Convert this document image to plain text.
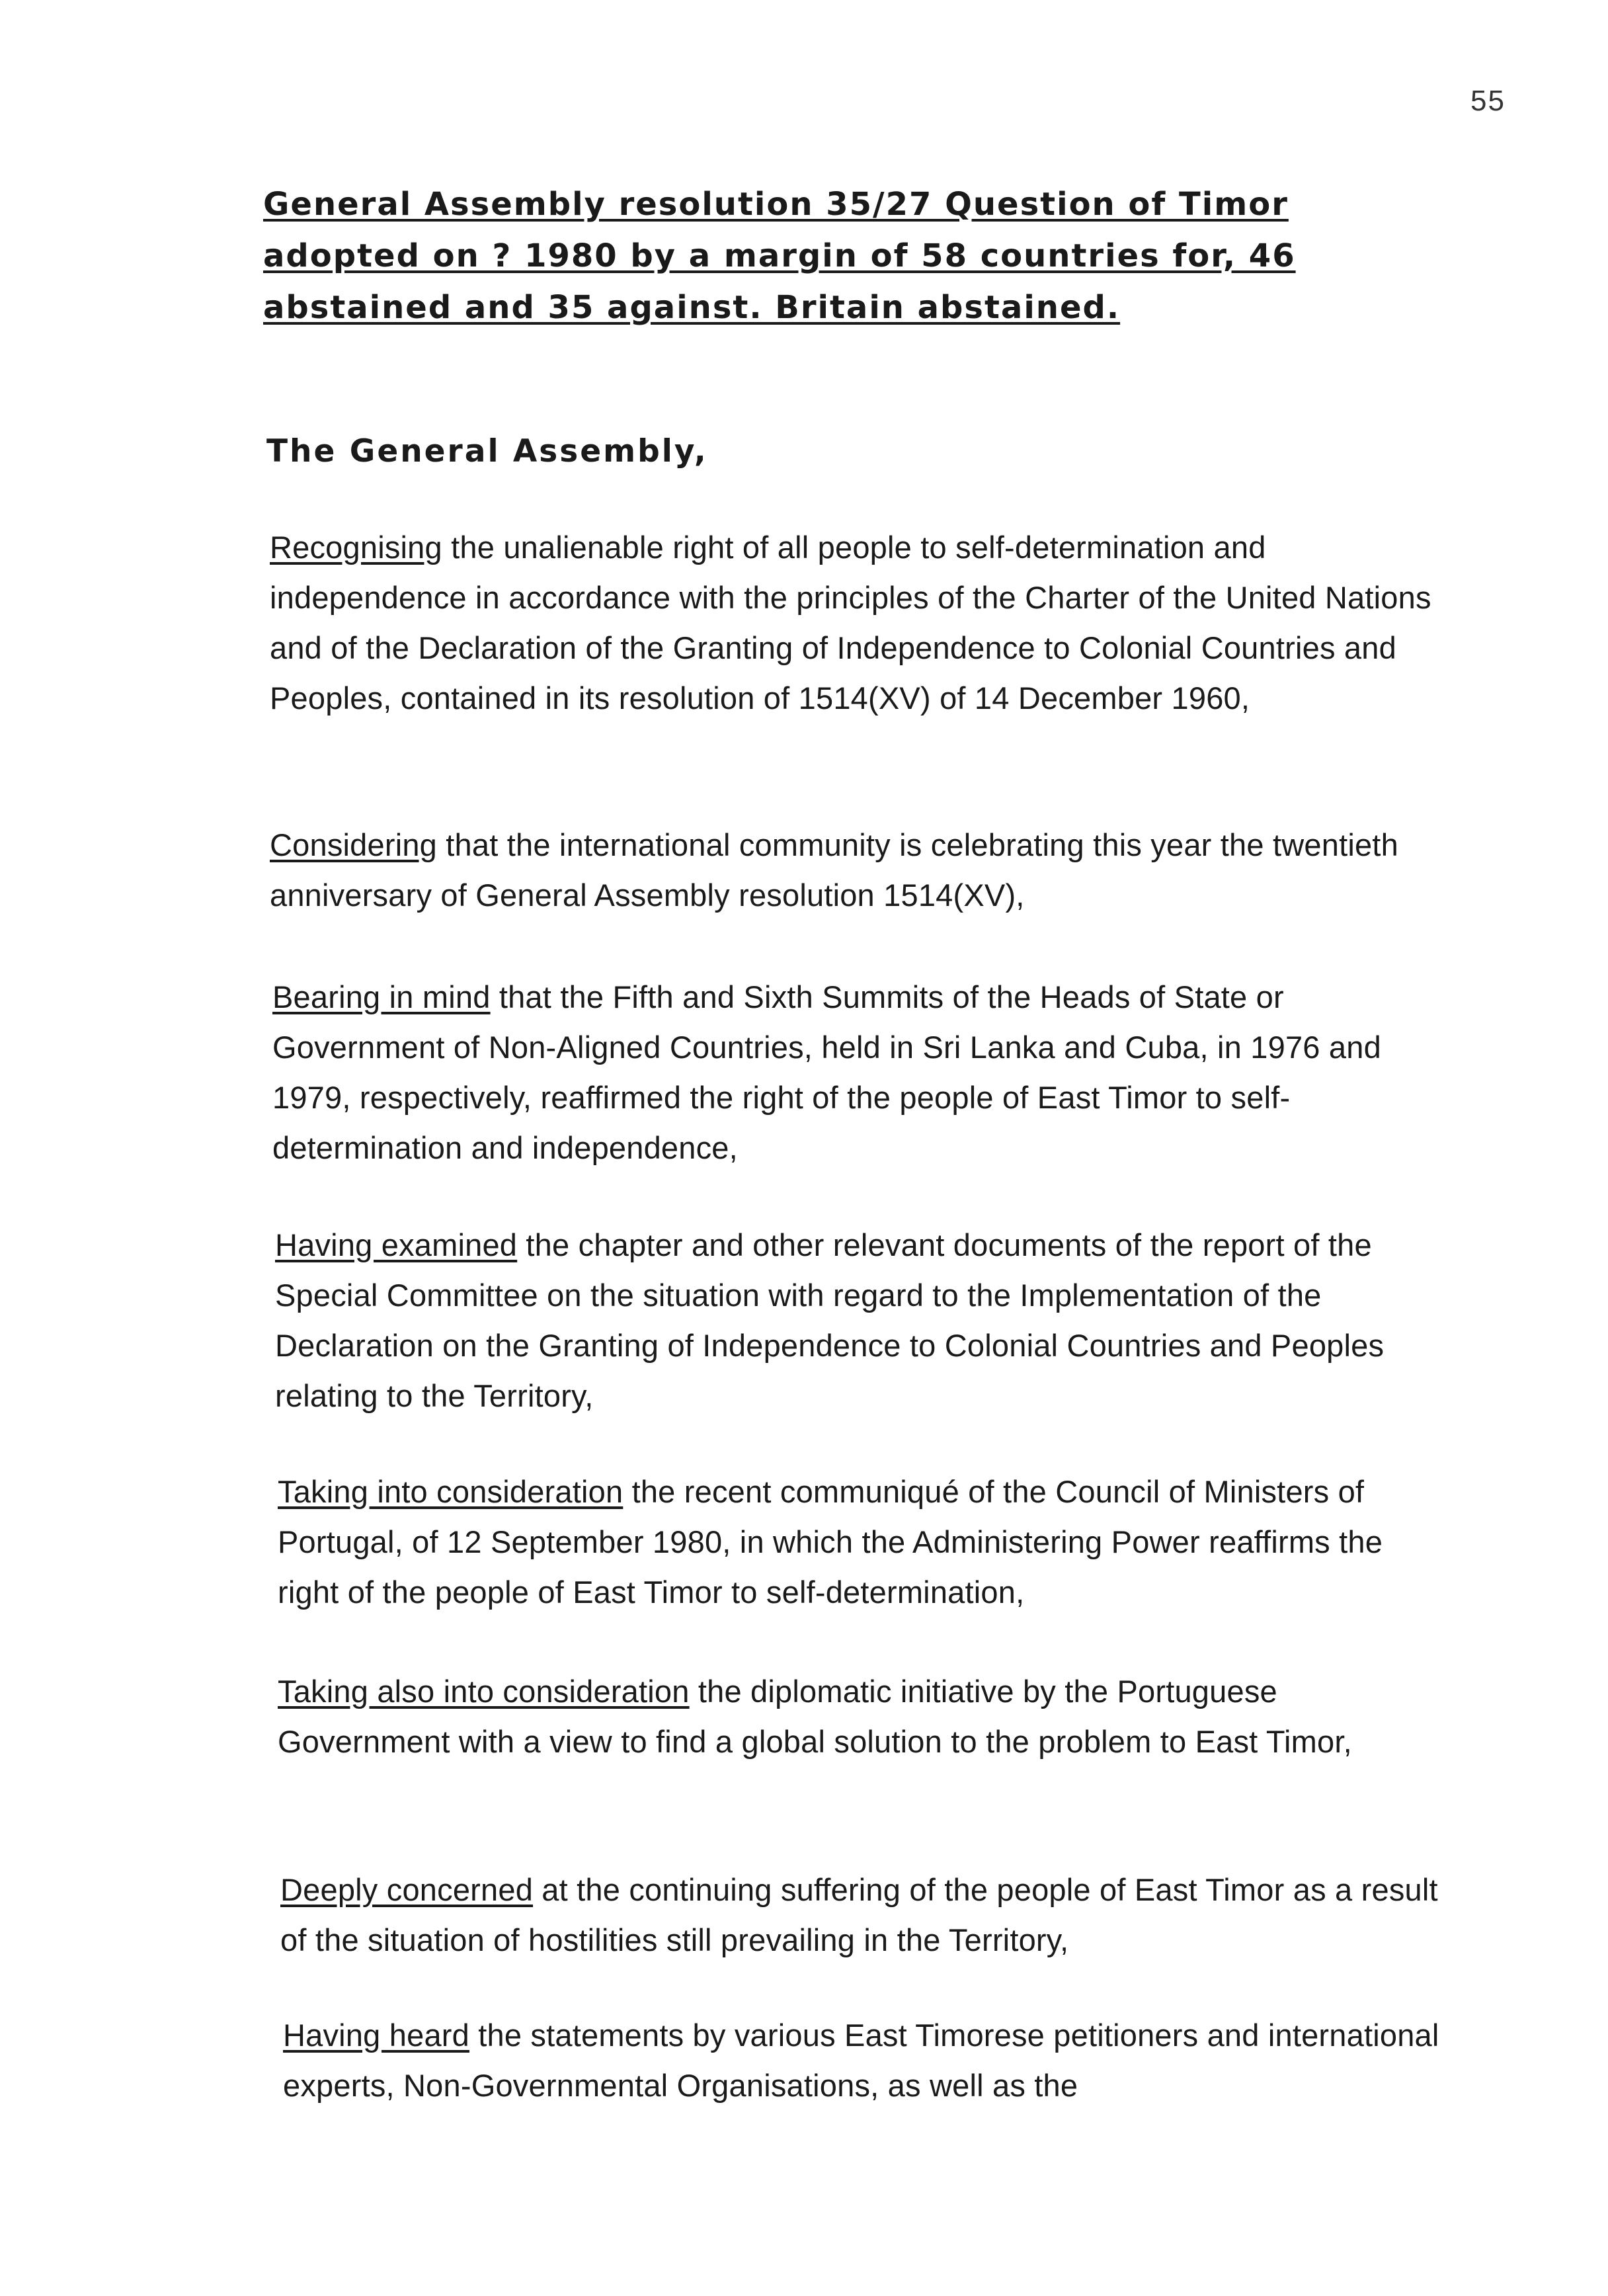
55
General Assembly resolution 35/27 Question of Timor adopted on ? 1980 by a margin of 58 countries for, 46 abstained and 35 against. Britain abstained.
The General Assembly,
Recognising the unalienable right of all people to self-determination and independence in accordance with the principles of the Charter of the United Nations and of the Declaration of the Granting of Independence to Colonial Countries and Peoples, contained in its resolution of 1514(XV) of 14 December 1960,
Considering that the international community is celebrating this year the twentieth anniversary of General Assembly resolution 1514(XV),
Bearing in mind that the Fifth and Sixth Summits of the Heads of State or Government of Non-Aligned Countries, held in Sri Lanka and Cuba, in 1976 and 1979, respectively, reaffirmed the right of the people of East Timor to self-determination and independence,
Having examined the chapter and other relevant documents of the report of the Special Committee on the situation with regard to the Implementation of the Declaration on the Granting of Independence to Colonial Countries and Peoples relating to the Territory,
Taking into consideration the recent communiqué of the Council of Ministers of Portugal, of 12 September 1980, in which the Administering Power reaffirms the right of the people of East Timor to self-determination,
Taking also into consideration the diplomatic initiative by the Portuguese Government with a view to find a global solution to the problem to East Timor,
Deeply concerned at the continuing suffering of the people of East Timor as a result of the situation of hostilities still prevailing in the Territory,
Having heard the statements by various East Timorese petitioners and international experts, Non-Governmental Organisations, as well as the
